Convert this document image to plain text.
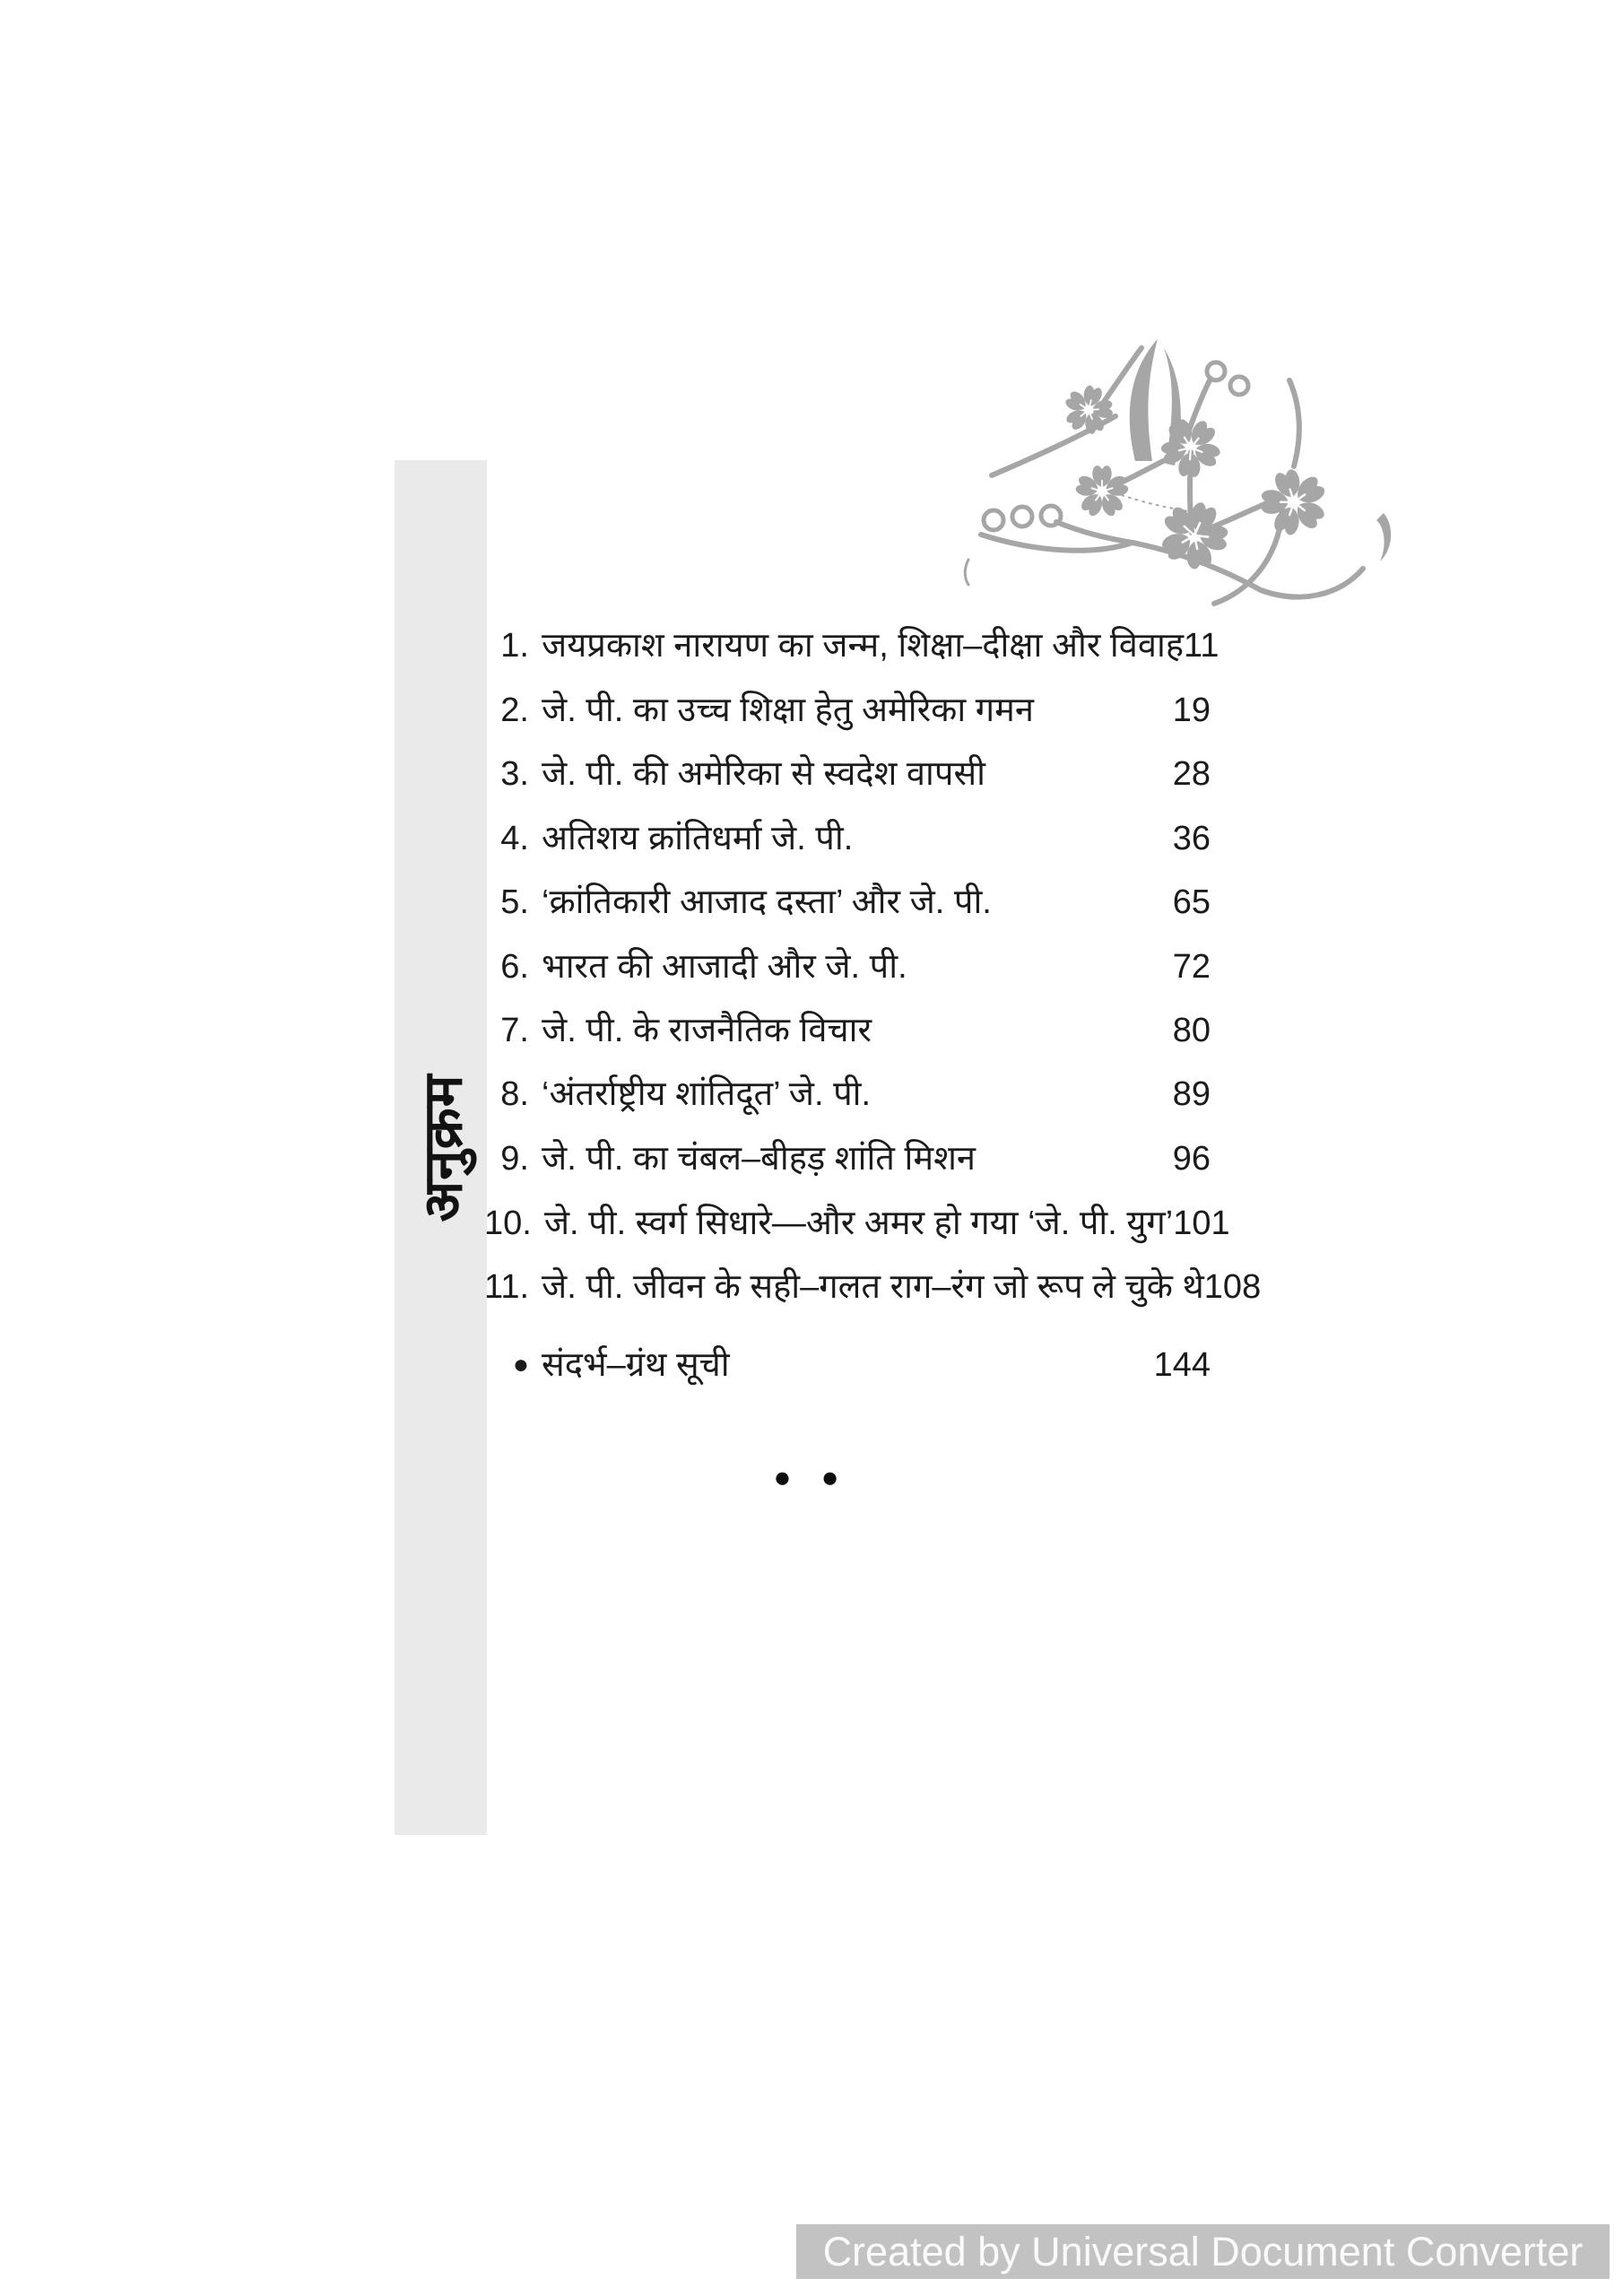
अनुक्रम
1. जयप्रकाश नारायण का जन्म, शिक्षा–दीक्षा और विवाह 11
2. जे. पी. का उच्च शिक्षा हेतु अमेरिका गमन	19
3. जे. पी. की अमेरिका से स्वदेश वापसी	28
4. अतिशय क्रांतिधर्मा जे. पी.	36
5. ‘क्रांतिकारी आजाद दस्ता’ और जे. पी.	65
6. भारत की आजादी और जे. पी.	72
7. जे. पी. के राजनैतिक विचार	80
8. ‘अंतर्राष्ट्रीय शांतिदूत’ जे. पी.	89
9. जे. पी. का चंबल–बीहड़ शांति मिशन	96
10. जे. पी. स्वर्ग सिधारे—और अमर हो गया ‘जे. पी. युग’ 101
11. जे. पी. जीवन के सही–गलत राग–रंग जो रूप ले चुके थे 108
● संदर्भ–ग्रंथ सूची	144
● ●
Created by Universal Document Converter
